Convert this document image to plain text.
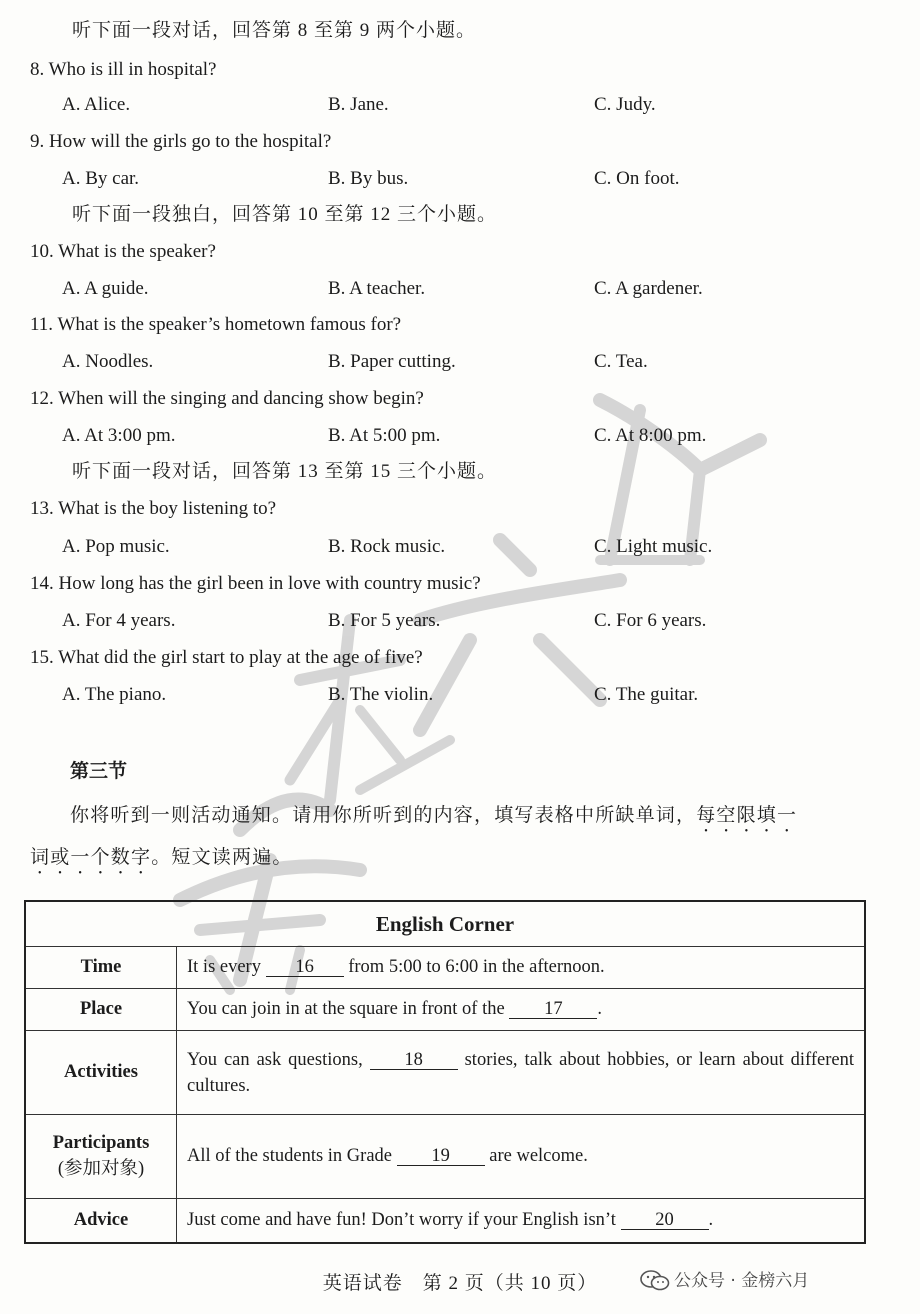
听下面一段对话，回答第 8 至第 9 两个小题。
8. Who is ill in hospital?
A. Alice.	B. Jane.	C. Judy.
9. How will the girls go to the hospital?
A. By car.	B. By bus.	C. On foot.
听下面一段独白，回答第 10 至第 12 三个小题。
10. What is the speaker?
A. A guide.	B. A teacher.	C. A gardener.
11. What is the speaker’s hometown famous for?
A. Noodles.	B. Paper cutting.	C. Tea.
12. When will the singing and dancing show begin?
A. At 3:00 pm.	B. At 5:00 pm.	C. At 8:00 pm.
听下面一段对话，回答第 13 至第 15 三个小题。
13. What is the boy listening to?
A. Pop music.	B. Rock music.	C. Light music.
14. How long has the girl been in love with country music?
A. For 4 years.	B. For 5 years.	C. For 6 years.
15. What did the girl start to play at the age of five?
A. The piano.	B. The violin.	C. The guitar.
第三节
你将听到一则活动通知。请用你所听到的内容，填写表格中所缺单词，每空限填一
词或一个数字。短文读两遍。
English Corner	
Time	It is every 16 from 5:00 to 6:00 in the afternoon.
Place	You can join in at the square in front of the 17 .
Activities	You can ask questions, 18 stories, talk about hobbies, or learn about different cultures.

Participants
(参加对象)	All of the students in Grade 19 are welcome.
Advice	Just come and have fun! Don’t worry if your English isn’t 20 .
英语试卷　第 2 页（共 10 页）	公众号 · 金榜六月
